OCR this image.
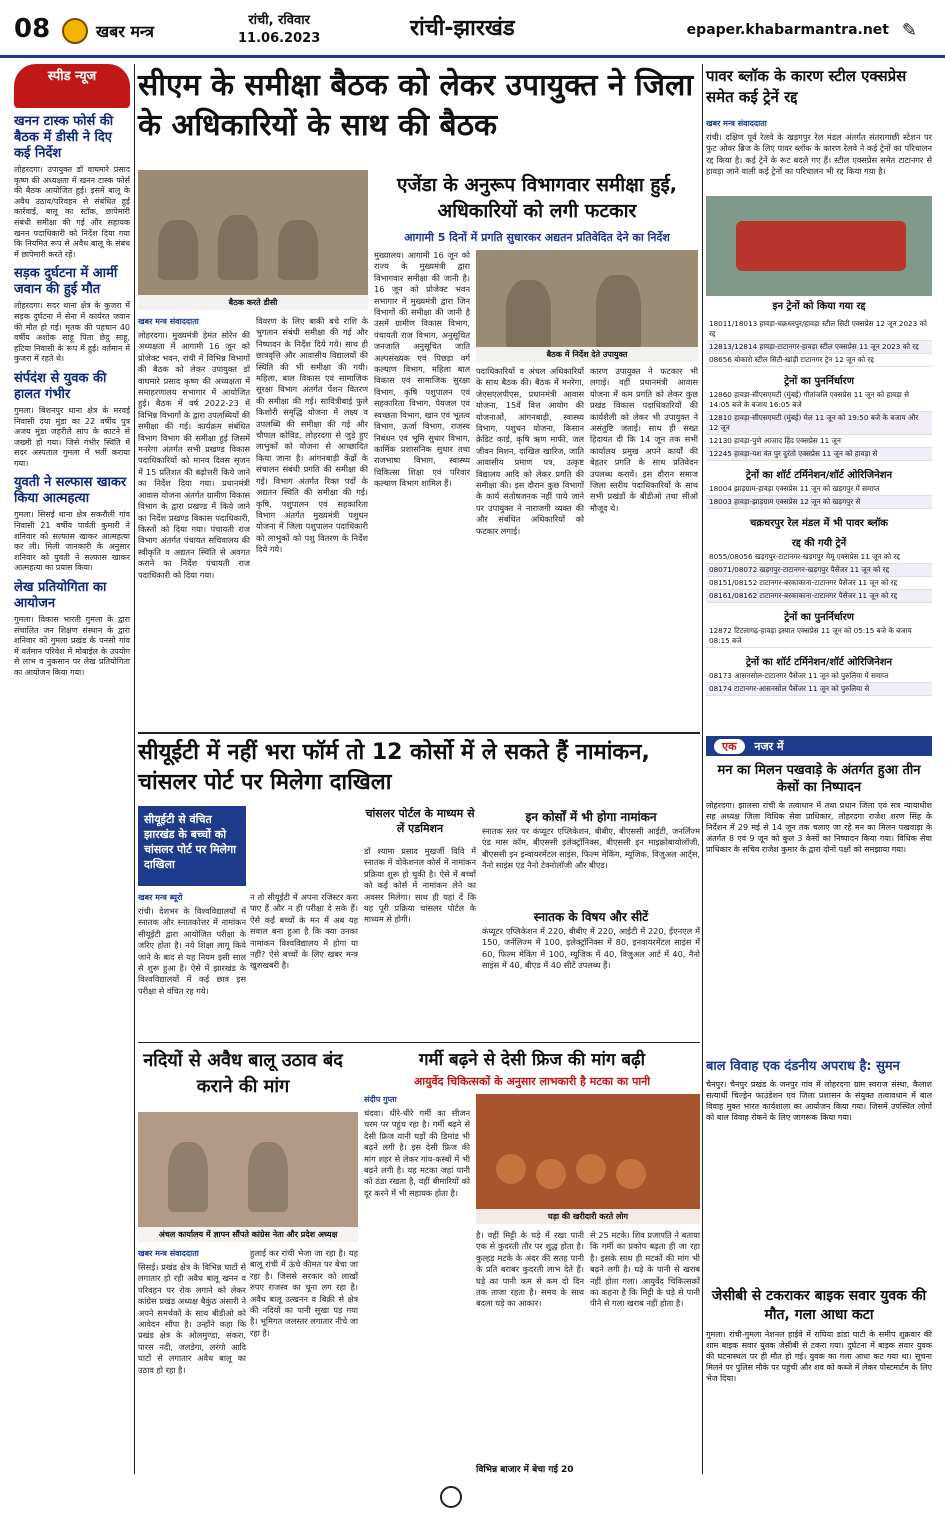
08	खबर मन्त्र
रांची, रविवार
11.06.2023	रांची-झारखंड	epaper.khabarmantra.net ✎
स्पीड न्यूज
खनन टास्क फोर्स की बैठक में डीसी ने दिए कई निर्देश
लोहरदगा। उपायुक्त डॉ वाघमारे प्रसाद कृष्ण की अध्यक्षता में खनन टास्क फोर्स की बैठक आयोजित हुई। इसमें बालू के अवैध उठाव/परिवहन से संबंधित हुई कार्रवाई, बालू का स्टॉक, छापेमारी संबंधी समीक्षा की गई और सहायक खनन पदाधिकारी को निर्देश दिया गया कि नियमित रूप से अवैध बालू के संबंध में छापेमारी करते रहें।
सड़क दुर्घटना में आर्मी जवान की हुई मौत
लोहरदगा। सदर थाना क्षेत्र के कुजरा में सड़क दुर्घटना में सेना में कार्यरत जवान की मौत हो गई। मृतक की पहचान 40 वर्षीय अशोक साहू पिता छेदु साहू, हटिया निवासी के रूप में हुई। वर्तमान में कुजरा में रहते थे।
संर्पदंश से युवक की हालत गंभीर
गुमला। बिशनपुर थाना क्षेत्र के मरवई निवासी दया मुंडा का 22 वर्षीय पुत्र अजय मुंडा जहरीले सांप के काटने से जख्मी हो गया। जिसे गंभीर स्थिति में सदर अस्पताल गुमला में भर्ती कराया गया।
युवती ने सल्फास खाकर किया आत्महत्या
गुमला। सिसई थाना क्षेत्र सकरौली गांव निवासी 21 वर्षीय पार्वती कुमारी ने शनिवार को सल्फास खाकर आत्महत्या कर ली। मिली जानकारी के अनुसार शनिवार को युवती ने सल्फास खाकर आत्महत्या का प्रयास किया।
लेख प्रतियोगिता का आयोजन
गुमला। विकास भारती गुमला के द्वारा संचालित जन शिक्षण संस्थान के द्वारा शनिवार को गुमला प्रखंड के पनसो गांव में वर्तमान परिवेश में मोबाईल के उपयोग से लाभ व नुकसान पर लेख प्रतियोगिता का आयोजन किया गया।
सीएम के समीक्षा बैठक को लेकर उपायुक्त ने जिला के अधिकारियों के साथ की बैठक
बैठक करते डीसी
एजेंडा के अनुरूप विभागवार समीक्षा हुई, अधिकारियों को लगी फटकार
आगामी 5 दिनों में प्रगति सुधारकर अद्यतन प्रतिवेदित देने का निर्देश
बैठक में निर्देश देते उपायुक्त
खबर मन्त्र संवाददाता
लोहरदगा। मुख्यमंत्री हेमंत सोरेन की अध्यक्षता में आगामी 16 जून को प्रोजेक्ट भवन, रांची में विभिन्न विभागों की बैठक को लेकर उपायुक्त डॉ वाघमारे प्रसाद कृष्ण की अध्यक्षता में समाहरणालय सभागार में आयोजित हुई। बैठक में वर्ष 2022-23 में विभिन्न विभागों के द्वारा उपलब्धियों की समीक्षा की गई। कार्यक्रम संबंधित विभाग विभाग की समीक्षा हुई जिसमें मनरेगा अंतर्गत सभी प्रखण्ड विकास पदाधिकारियों को मानव दिवस सृजन में 15 प्रतिशत की बढ़ोत्तरी किये जाने का निर्देश दिया गया। प्रधानमंत्री आवास योजना अंतर्गत ग्रामीण विकास विभाग के द्वारा प्रखण्ड में किये जाने का निर्देश प्रखण्ड विकास पदाधिकारी, किस्तों को दिया गया। पंचायती राज विभाग अंतर्गत पंचायत सचिवालय की स्वीकृति व अद्यतन स्थिति से अवगत कराने का निर्देश पंचायती राज पदाधिकारी को दिया गया।
विवरण के लिए बाकी बचे राशि के भुगतान संबंधी समीक्षा की गई और निष्पादन के निर्देश दिये गये। साथ ही छात्रवृत्ति और आवासीय विद्यालयों की स्थिति की भी समीक्षा की गयी। महिला, बाल विकास एवं सामाजिक सुरक्षा विभाग अंतर्गत पेंशन वितरण की समीक्षा की गई। सावित्रीबाई फुले किशोरी समृद्धि योजना में लक्ष्य व उपलब्धि की समीक्षा की गई और चौपाल कोविड, लोहरदगा से जुड़े हुए लाभुकों को योजना से आच्छादित किया जाना है। आंगनबाड़ी केंद्रों के संचालन संबंधी प्रगति की समीक्षा की गई। विभाग अंतर्गत रिक्त पदों के अद्यतन स्थिति की समीक्षा की गई। कृषि, पशुपालन एवं सहकारिता विभाग अंतर्गत मुख्यमंत्री पशुधन योजना में जिला पशुपालन पदाधिकारी को लाभुकों को पशु वितरण के निर्देश दिये गये।
मुख्यालय। आगामी 16 जून को राज्य के मुख्यमंत्री द्वारा विभागवार समीक्षा की जानी है। 16 जून को प्रोजेक्ट भवन सभागार में मुख्यमंत्री द्वारा जिन विभागों की समीक्षा की जानी है उसमें ग्रामीण विकास विभाग, पंचायती राज विभाग, अनुसूचित जनजाति अनुसूचित जाति अल्पसंख्यक एवं पिछड़ा वर्ग कल्याण विभाग, महिला बाल विकास एवं सामाजिक सुरक्षा विभाग, कृषि पशुपालन एवं सहकारिता विभाग, पेयजल एवं स्वच्छता विभाग, खान एवं भूतत्व विभाग, ऊर्जा विभाग, राजस्व निबंधन एवं भूमि सुधार विभाग, कार्मिक प्रशासनिक सुधार तथा राजभाषा विभाग, स्वास्थ्य चिकित्सा शिक्षा एवं परिवार कल्याण विभाग शामिल हैं।
पदाधिकारियों व अंचल अधिकारियों के साथ बैठक की। बैठक में मनरेगा, जेएसएलपीएस, प्रधानमंत्री आवास योजना, 15वें वित्त आयोग की योजनाओं, आंगनबाड़ी, स्वास्थ्य विभाग, पशुधन योजना, किसान क्रेडिट कार्ड, कृषि ऋण माफी, जल जीवन मिशन, दाखिल खारिज, जाति आवासीय प्रमाण पत्र, उत्कृष्ट विद्यालय आदि को लेकर प्रगति की समीक्षा की। इस दौरान कुछ विभागों के कार्य संतोषजनक नहीं पाये जाने पर उपायुक्त ने नाराजगी व्यक्त की और संबंधित अधिकारियों को फटकार लगाई।
कारण उपायुक्त ने फटकार भी लगाई। वहीं प्रधानमंत्री आवास योजना में कम प्रगति को लेकर कुछ प्रखंड विकास पदाधिकारियों की कार्यशैली को लेकर भी उपायुक्त ने असंतुष्टि जताई। साथ ही सख्त हिदायत दी कि 14 जून तक सभी कार्यालय प्रमुख अपने कार्यों की बेहतर प्रगति के साथ प्रतिवेदन उपलब्ध करायें। इस दौरान समाज जिला स्तरीय पदाधिकारियों के साथ सभी प्रखंडों के बीडीओ तथा सीओ मौजूद थे।
पावर ब्लॉक के कारण स्टील एक्सप्रेस समेत कई ट्रेनें रद्द
खबर मन्त्र संवाददाता
रांची। दक्षिण पूर्व रेलवे के खड़गपुर रेल मंडल अंतर्गत संतरागाछी स्टेशन पर फुट ओवर ब्रिज के लिए पावर ब्लॉक के कारण रेलवे ने कई ट्रेनों का परिचालन रद्द किया है। कई ट्रेनें के रूट बदले गए हैं। स्टील एक्सप्रेस समेत टाटानगर से हावड़ा जाने वाली कई ट्रेनों का परिचालन भी रद्द किया गया है।
इन ट्रेनों को किया गया रद्द
18011/18013 हावड़ा-चक्रधरपुर/हावड़ा स्टील सिटी एक्सप्रेस 12 जून 2023 को रद्द
12813/12814 हावड़ा-टाटानगर-हावड़ा स्टील एक्सप्रेस 11 जून 2023 को रद्द
08656 बोकारो स्टील सिटी-खांड़ी टाटानगर ट्रेन 12 जून को रद्द
ट्रेनों का पुनर्निर्धारण
12860 हावड़ा-सीएसएमटी (मुंबई) गीतांजलि एक्सप्रेस 11 जून को हावड़ा से 14:05 बजे के बजाय 16:05 बजे
12810 हावड़ा-सीएसएमटी (मुंबई) मेल 11 जून को 19:50 बजे के बजाय और 12 जून
12130 हावड़ा-पुणे आजाद हिंद एक्सप्रेस 11 जून
12245 हावड़ा-यश वंत पुर दुरंतो एक्सप्रेस 11 जून को हावड़ा से
ट्रेनों का शॉर्ट टर्मिनेशन/शॉर्ट ओरिजिनेशन
18004 झाड़ग्राम-हावड़ा एक्सप्रेस 11 जून को खड़गपुर में समाप्त
18003 हावड़ा-झाड़ग्राम एक्सप्रेस 12 जून को खड़गपुर से
चक्रधरपुर रेल मंडल में भी पावर ब्लॉक
रद्द की गयी ट्रेनें
8055/08056 खड़गपुर-टाटानगर-खड़गपुर मेमू एक्सप्रेस 11 जून को रद्द
08071/08072 खड़गपुर-टाटानगर-खड़गपुर पैसेंजर 11 जून को रद्द
08151/08152 टाटानगर-बरकाकाना-टाटानगर पैसेंजर 11 जून को रद्द
08161/08162 टाटानगर-बरकाकाना-टाटानगर पैसेंजर 11 जून को रद्द
ट्रेनों का पुनर्निर्धारण
12872 टिटलागढ़-हावड़ा इस्पात एक्सप्रेस 11 जून को 05:15 बजे के बजाय 08:15 बजे
ट्रेनों का शॉर्ट टर्मिनेशन/शॉर्ट ओरिजिनेशन
08173 आसनसोल-टाटानगर पैसेंजर 11 जून को पुरुलिया में समाप्त
08174 टाटानगर-आसनसोल पैसेंजर 11 जून को पुरुलिया से
एक नजर में
मन का मिलन पखवाड़े के अंतर्गत हुआ तीन केसों का निष्पादन
लोहरदगा। झालसा रांची के तत्वाधान में तथा प्रधान जिला एवं सत्र न्यायाधीश सह अध्यक्ष जिला विधिक सेवा प्राधिकार, लोहरदगा राजेश शरण सिंह के निर्देशन में 29 मई से 14 जून तक चलाए जा रहे मन का मिलन पखवाड़ा के अंतर्गत 8 एवं 9 जून को कुल 3 केसों का निष्पादन किया गया। विधिक सेवा प्राधिकार के सचिव राजेश कुमार के द्वारा दोनों पक्षों को समझाया गया।
बाल विवाह एक दंडनीय अपराध है: सुमन
चैनपुर। चैनपुर प्रखंड के जनपुर गांव में लोहरदगा ग्राम स्वराज संस्था, कैलाश सत्यार्थी चिल्ड्रेन फाउंडेशन एवं जिला प्रशासन के संयुक्त तत्वावधान में बाल विवाह मुक्त भारत कार्यशाला का आयोजन किया गया। जिसमें उपस्थित लोगों को बाल विवाह रोकने के लिए जागरूक किया गया।
जेसीबी से टकराकर बाइक सवार युवक की मौत, गला आधा कटा
गुमला। रांची-गुमला नेशनल हाईवे में राघिया डांडा घाटी के समीप शुक्रवार की शाम बाइक सवार युवक जेसीबी से टकरा गया। दुर्घटना में बाइक सवार युवक की घटनास्थल पर ही मौत हो गई। युवक का गला आधा कट गया था। सूचना मिलने पर पुलिस मौके पर पहुंची और शव को कब्जे में लेकर पोस्टमार्टम के लिए भेज दिया।
सीयूईटी में नहीं भरा फॉर्म तो 12 कोर्सो में ले सकते हैं नामांकन, चांसलर पोर्ट पर मिलेगा दाखिला
सीयूईटी से वंचित झारखंड के बच्चों को चांसलर पोर्ट पर मिलेगा दाखिला
खबर मन्त्र ब्यूरो
रांची। देशभर के विश्वविद्यालयों में स्नातक और स्नातकोत्तर में नामांकन सीयूईटी द्वारा आयोजित परीक्षा के जरिए होता है। नये शिक्षा लागू किये जाने के बाद से यह नियम इसी साल से शुरू हुआ है। ऐसे में झारखंड के विश्वविद्यालयों में कई छात्र इस परीक्षा से वंचित रह गये।
न तो सीयूईटी में अपना रजिस्टर करा पाए हैं और न ही परीक्षा दे सके हैं। ऐसे कई बच्चों के मन में अब यह सवाल बना हुआ है कि क्या उनका नामांकन विश्वविद्यालय में होगा या नहीं? ऐसे बच्चों के लिए खबर मन्त्र खुशखबरी है।
चांसलर पोर्टल के माध्यम से लें एडमिशन
डॉ श्यामा प्रसाद मुखर्जी विवि में स्नातक में वोकेशनल कोर्स में नामांकन प्रक्रिया शुरू हो चुकी है। ऐसे में बच्चों को कई कोर्स में नामांकन लेने का अवसर मिलेगा। साथ ही यहां दें कि यह पूरी प्रक्रिया चांसलर पोर्टल के माध्यम से होगी।
इन कोर्सों में भी होगा नामांकन
स्नातक स्तर पर कंप्यूटर एप्लिकेशन, बीबीए, बीएससी आईटी, जनर्लिज्म एंड मास कॉम, बीएससी इलेक्ट्रॉनिक्स, बीएससी इन माइक्रोबायोलॉजी, बीएससी इन इन्वायरमेंटल साइंस, फिल्म मेकिंग, म्यूजिक, विजुअल आर्ट्स, नैनो साइंस एंड नैनो टेक्नोलॉजी और बीएड।
स्नातक के विषय और सीटें
कंप्यूटर एप्लिकेशन में 220, बीबीए में 220, आईटी में 220, ईएनएल में 150, जर्नलिज्म में 100, इलेक्ट्रॉनिक्स में 80, इनवायरमेंटल साइंस में 60, फिल्म मेकिंग में 100, म्यूजिक में 40, विजुअल आर्ट में 40, नैनो साइंस में 40, बीएड में 40 सीटें उपलब्ध हैं।
नदियों से अवैध बालू उठाव बंद कराने की मांग
अंचल कार्यालय में ज्ञापन सौंपते कांग्रेस नेता और प्रदेश अध्यक्ष
खबर मन्त्र संवाददाता
सिसई। प्रखंड क्षेत्र के विभिन्न घाटों से लगातार हो रही अवैध बालू खनन व परिवहन पर रोक लगाने को लेकर कांग्रेस प्रखंड अध्यक्ष बैकुंठ अंसारी ने अपने समर्थकों के साथ बीडीओ को आवेदन सौंपा है। उन्होंने कहा कि प्रखंड क्षेत्र के ओलमुण्डा, संकरा, पारस नदी, जलडेगा, लरंगो आदि घाटों से लगातार अवैध बालू का उठाव हो रहा है।
हुलाई कर रांची भेजा जा रहा है। यह बालू रांची में ऊंचे कीमत पर बेचा जा रहा है। जिससे सरकार को लाखों रुपए राजस्व का चूना लग रहा है। अवैध बालू उत्खनन व बिक्री से क्षेत्र की नदियों का पानी सूखा पड़ गया है। भूमिगत जलस्तर लगातार नीचे जा रहा है।
गर्मी बढ़ने से देसी फ्रिज की मांग बढ़ी
आयुर्वेद चिकित्सकों के अनुसार लाभकारी है मटका का पानी
घड़ा की खरीदारी करते लोग
संदीप गुप्ता
चंदवा। धीरे-धीरे गर्मी का सीजन चरम पर पहुंच रहा है। गर्मी बढ़ने से देसी फ्रिज यानी घड़ों की डिमांड भी बढ़ने लगी है। इस देसी फ्रिज की मांग शहर से लेकर गांव-कस्बों में भी बढ़ने लगी है। यह मटका जहां पानी को ठंडा रखता है, वहीं बीमारियों को दूर करने में भी सहायक होता है।
है। वहीं मिट्टी के घड़े में रखा पानी एक से कुदरती तौर पर शुद्ध होता है। कुल्हड़ मटके के अंदर की सतह पानी के प्रति बराबर कुदरती लाभ देते हैं। घड़े का पानी कम से कम दो दिन तक ताजा रहता है। समय के साथ बदला घड़े का आकार।
से 25 मटके। शिव प्रजापति ने बताया कि गर्मी का प्रकोप बढ़ता ही जा रहा है। इसके साथ ही मटकों की मांग भी बढ़ने लगी है। घड़े के पानी से खराब नहीं होता गला। आयुर्वेद चिकित्सकों का कहना है कि मिट्टी के घड़े से पानी पीने से गला खराब नहीं होता है।
विभिन्न बाजार में बेचा गई 20
